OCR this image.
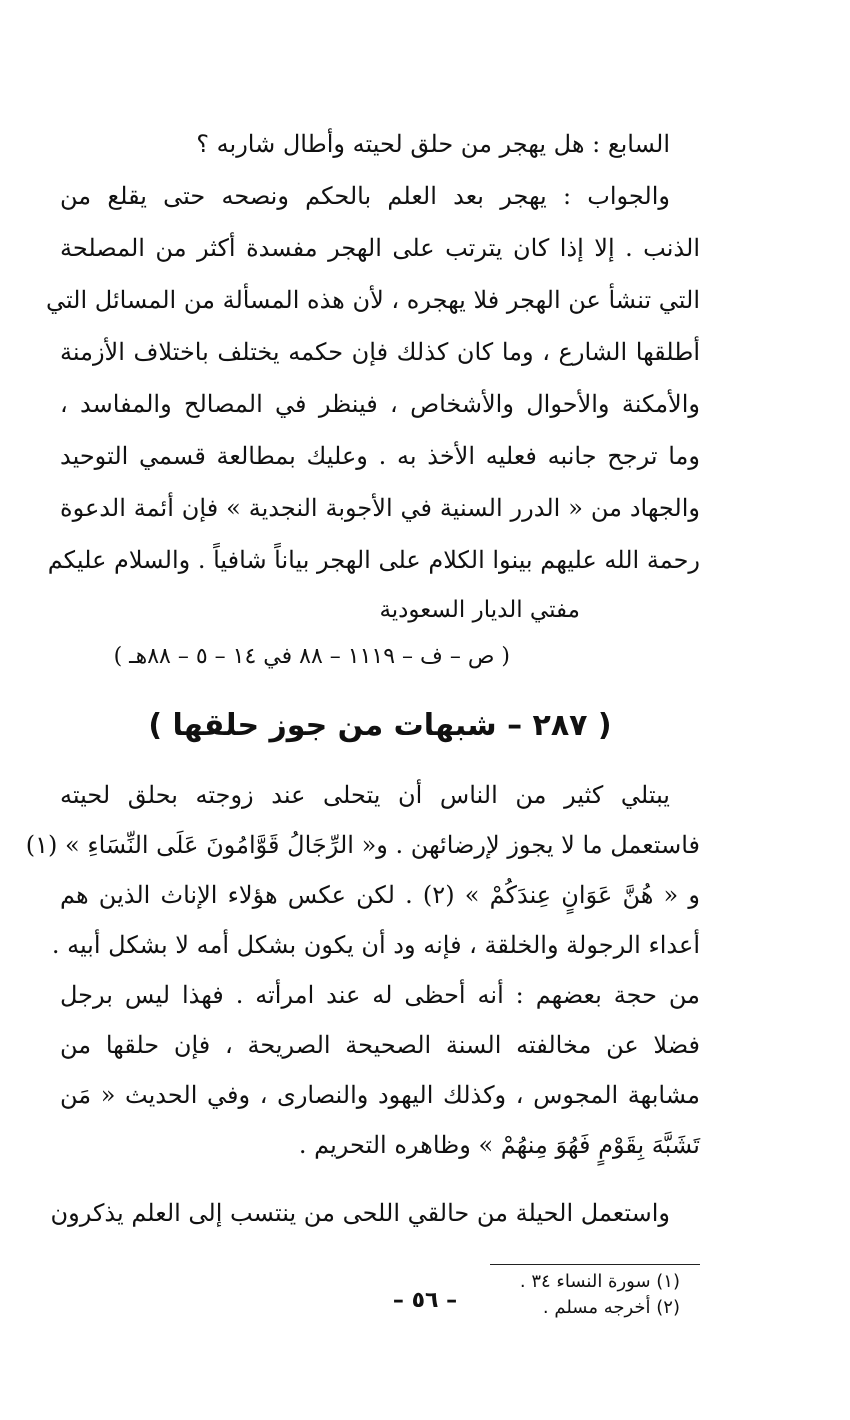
السابع : هل يهجر من حلق لحيته وأطال شاربه ؟
والجواب : يهجر بعد العلم بالحكم ونصحه حتى يقلع من
الذنب . إلا إذا كان يترتب على الهجر مفسدة أكثر من المصلحة
التي تنشأ عن الهجر فلا يهجره ، لأن هذه المسألة من المسائل التي
أطلقها الشارع ، وما كان كذلك فإن حكمه يختلف باختلاف الأزمنة
والأمكنة والأحوال والأشخاص ، فينظر في المصالح والمفاسد ،
وما ترجح جانبه فعليه الأخذ به . وعليك بمطالعة قسمي التوحيد
والجهاد من « الدرر السنية في الأجوبة النجدية » فإن أئمة الدعوة
رحمة الله عليهم بينوا الكلام على الهجر بياناً شافياً . والسلام عليكم
مفتي الديار السعودية
( ص – ف – ١١١٩ – ٨٨ في ١٤ – ٥ – ٨٨هـ )
( ٢٨٧ – شبهات من جوز حلقها )
يبتلي كثير من الناس أن يتحلى عند زوجته بحلق لحيته
فاستعمل ما لا يجوز لإرضائهن . و« الرِّجَالُ قَوَّامُونَ عَلَى النِّسَاءِ » (١)
و « هُنَّ عَوَانٍ عِندَكُمْ » (٢) . لكن عكس هؤلاء الإناث الذين هم
أعداء الرجولة والخلقة ، فإنه ود أن يكون بشكل أمه لا بشكل أبيه .
من حجة بعضهم : أنه أحظى له عند امرأته . فهذا ليس برجل
فضلا عن مخالفته السنة الصحيحة الصريحة ، فإن حلقها من
مشابهة المجوس ، وكذلك اليهود والنصارى ، وفي الحديث « مَن
تَشَبَّهَ بِقَوْمٍ فَهُوَ مِنهُمْ » وظاهره التحريم .
واستعمل الحيلة من حالقي اللحى من ينتسب إلى العلم يذكرون
(١) سورة النساء ٣٤ .
(٢) أخرجه مسلم .
– ٥٦ –
